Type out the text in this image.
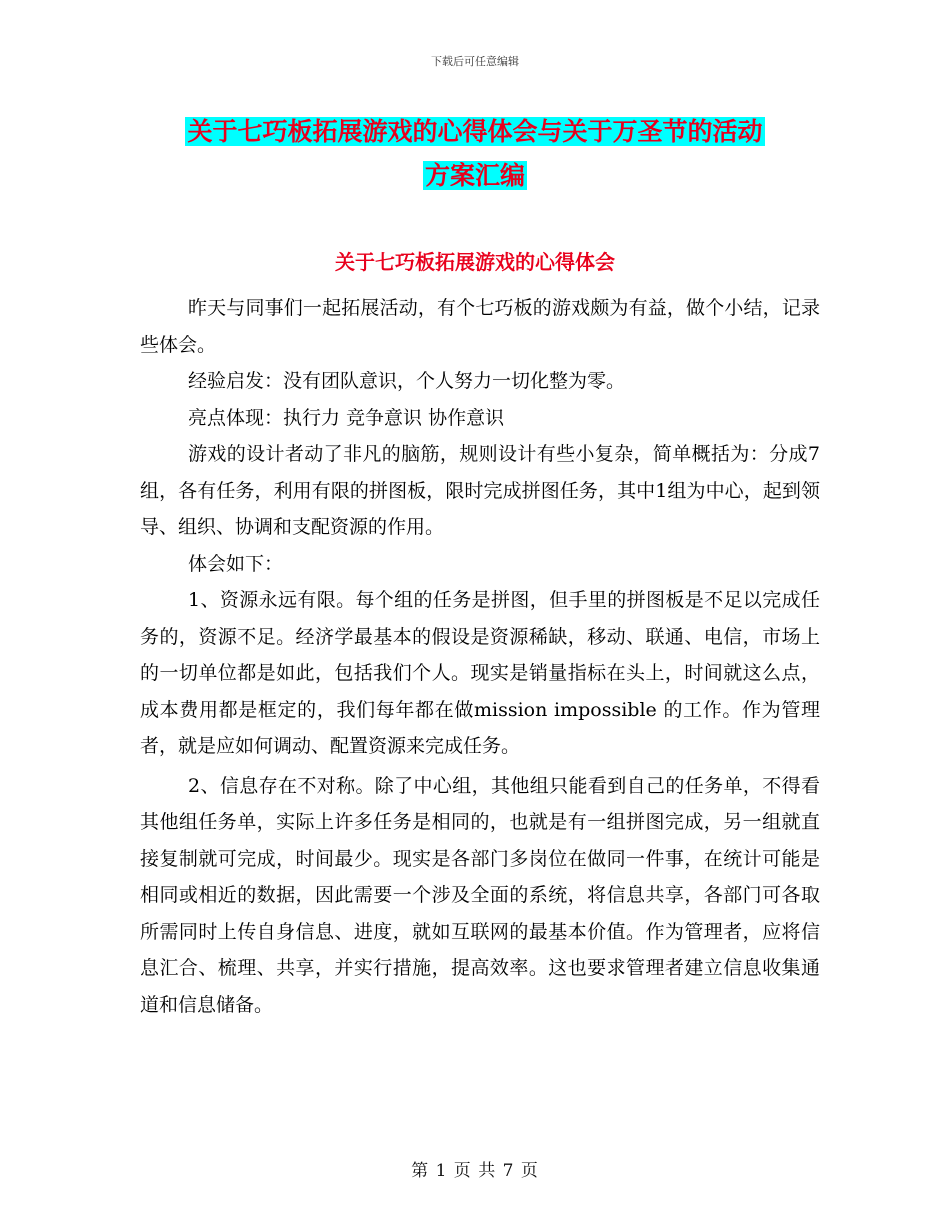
下载后可任意编辑
关于七巧板拓展游戏的心得体会与关于万圣节的活动
方案汇编
关于七巧板拓展游戏的心得体会

昨天与同事们一起拓展活动，有个七巧板的游戏颇为有益，做个小结，记录些体会。

经验启发：没有团队意识，个人努力一切化整为零。

亮点体现：执行力 竞争意识 协作意识

游戏的设计者动了非凡的脑筋，规则设计有些小复杂，简单概括为：分成7组，各有任务，利用有限的拼图板，限时完成拼图任务，其中1组为中心，起到领导、组织、协调和支配资源的作用。

体会如下：

1、资源永远有限。每个组的任务是拼图，但手里的拼图板是不足以完成任务的，资源不足。经济学最基本的假设是资源稀缺，移动、联通、电信，市场上的一切单位都是如此，包括我们个人。现实是销量指标在头上，时间就这么点，成本费用都是框定的，我们每年都在做mission impossible 的工作。作为管理者，就是应如何调动、配置资源来完成任务。

2、信息存在不对称。除了中心组，其他组只能看到自己的任务单，不得看其他组任务单，实际上许多任务是相同的，也就是有一组拼图完成，另一组就直接复制就可完成，时间最少。现实是各部门多岗位在做同一件事，在统计可能是相同或相近的数据，因此需要一个涉及全面的系统，将信息共享，各部门可各取所需同时上传自身信息、进度，就如互联网的最基本价值。作为管理者，应将信息汇合、梳理、共享，并实行措施，提高效率。这也要求管理者建立信息收集通道和信息储备。

第 1 页 共 7 页
